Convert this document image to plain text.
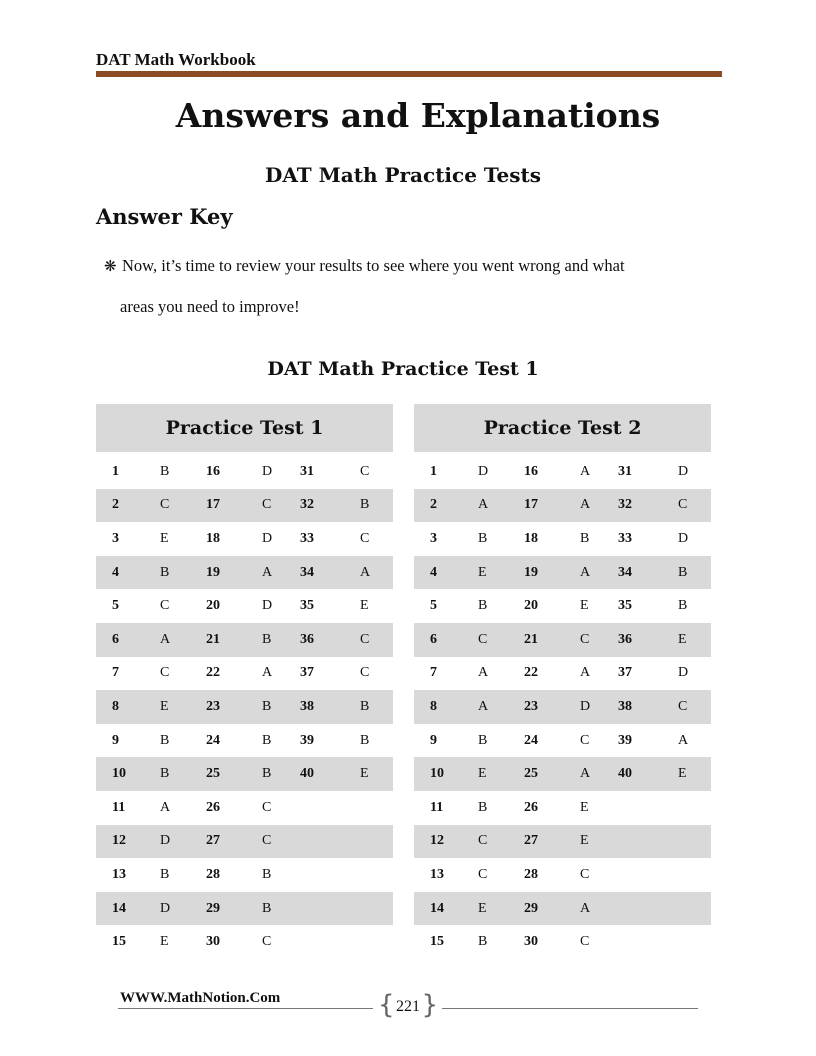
DAT Math Workbook
Answers and Explanations
DAT Math Practice Tests
Answer Key
❋ Now, it’s time to review your results to see where you went wrong and what
areas you need to improve!
DAT Math Practice Test 1
Practice Test 1					

1	B	16	D	31	C
2	C	17	C	32	B
3	E	18	D	33	C
4	B	19	A	34	A
5	C	20	D	35	E
6	A	21	B	36	C
7	C	22	A	37	C
8	E	23	B	38	B
9	B	24	B	39	B
10	B	25	B	40	E
11	A	26	C		
12	D	27	C		
13	B	28	B		
14	D	29	B		
15	E	30	C		
Practice Test 2					

1	D	16	A	31	D
2	A	17	A	32	C
3	B	18	B	33	D
4	E	19	A	34	B
5	B	20	E	35	B
6	C	21	C	36	E
7	A	22	A	37	D
8	A	23	D	38	C
9	B	24	C	39	A
10	E	25	A	40	E
11	B	26	E		
12	C	27	E		
13	C	28	C		
14	E	29	A		
15	B	30	C		
WWW.MathNotion.Com	{ 221 }
